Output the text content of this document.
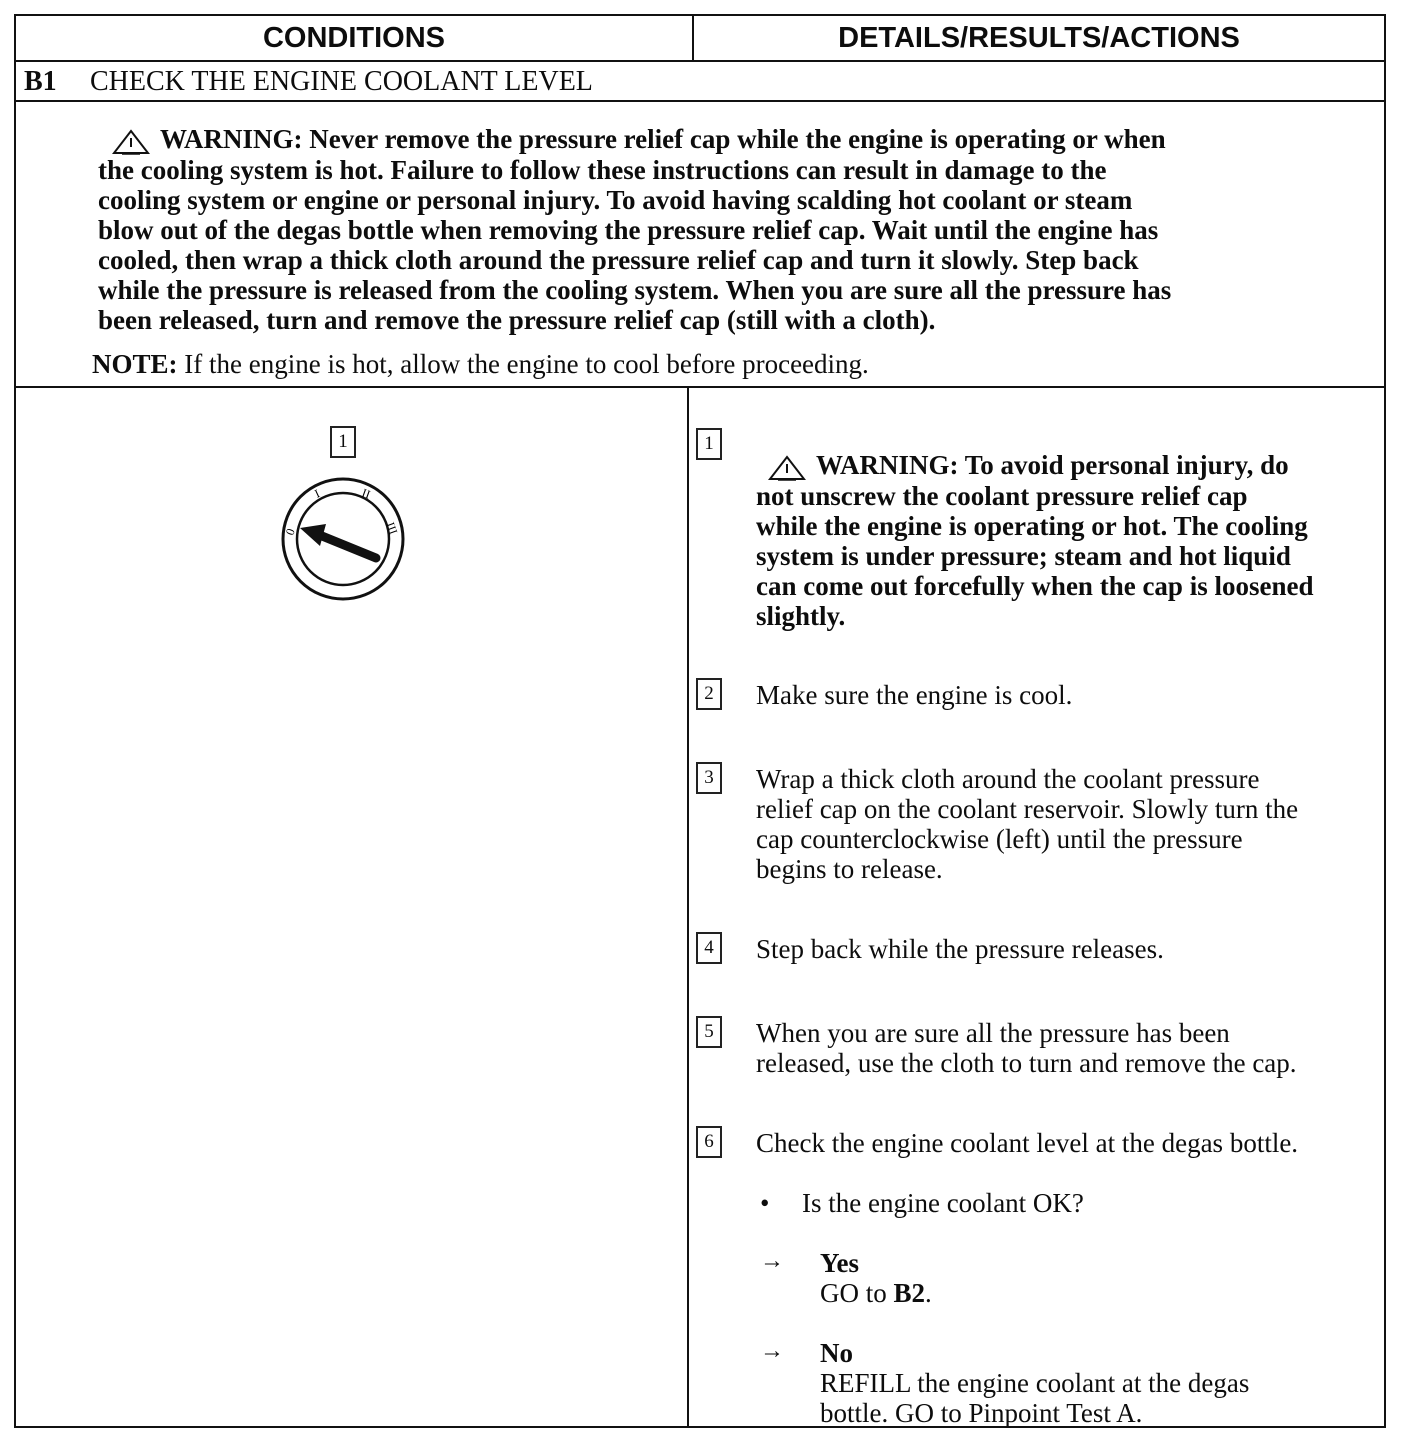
CONDITIONS	DETAILS/RESULTS/ACTIONS
B1 CHECK THE ENGINE COOLANT LEVEL
WARNING: Never remove the pressure relief cap while the engine is operating or when
the cooling system is hot. Failure to follow these instructions can result in damage to the
cooling system or engine or personal injury. To avoid having scalding hot coolant or steam
blow out of the degas bottle when removing the pressure relief cap. Wait until the engine has
cooled, then wrap a thick cloth around the pressure relief cap and turn it slowly. Step back
while the pressure is released from the cooling system. When you are sure all the pressure has
been released, turn and remove the pressure relief cap (still with a cloth).
NOTE: If the engine is hot, allow the engine to cool before proceeding.
1
0
I	II
III
1
WARNING: To avoid personal injury, do
not unscrew the coolant pressure relief cap
while the engine is operating or hot. The cooling
system is under pressure; steam and hot liquid
can come out forcefully when the cap is loosened
slightly.
2	Make sure the engine is cool.
3	Wrap a thick cloth around the coolant pressure
relief cap on the coolant reservoir. Slowly turn the
cap counterclockwise (left) until the pressure
begins to release.
4	Step back while the pressure releases.
5	When you are sure all the pressure has been
released, use the cloth to turn and remove the cap.
6	Check the engine coolant level at the degas bottle.
• Is the engine coolant OK?
→ Yes
GO to B2.
→ No
REFILL the engine coolant at the degas
bottle. GO to Pinpoint Test A.
